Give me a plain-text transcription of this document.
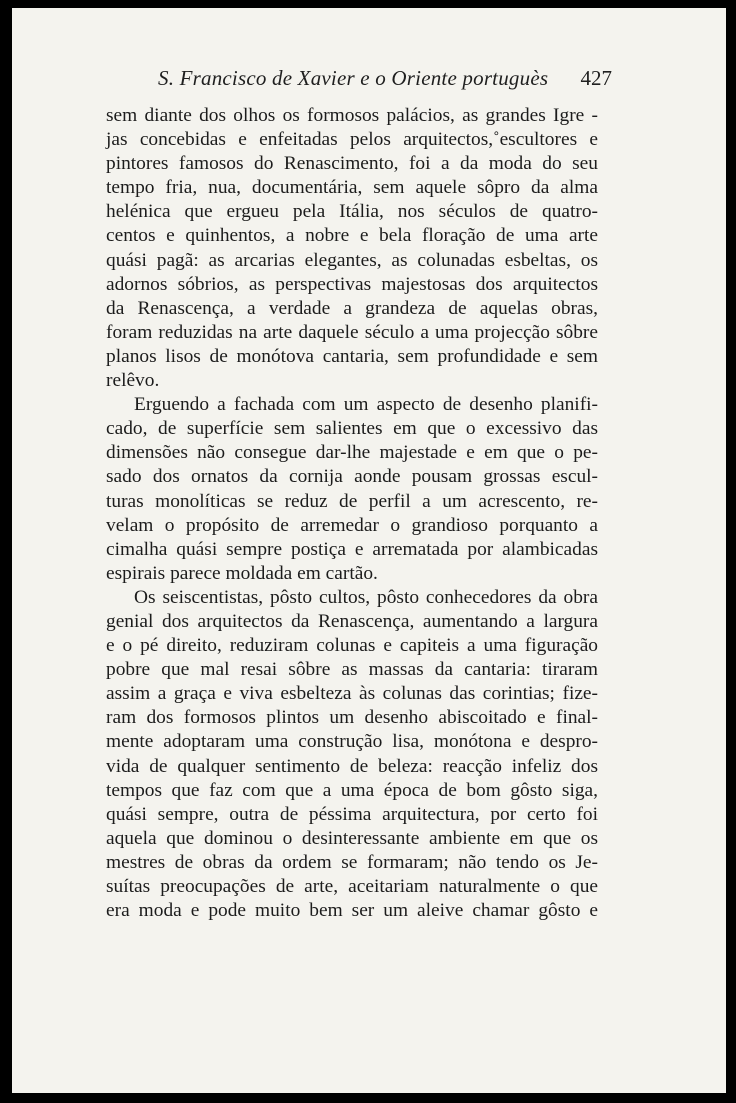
S. Francisco de Xavier e o Oriente portuguès 427
sem diante dos olhos os formosos palácios, as grandes Igre -
jas concebidas e enfeitadas pelos arquitectos,˚escultores e
pintores famosos do Renascimento, foi a da moda do seu
tempo fria, nua, documentária, sem aquele sôpro da alma
helénica que ergueu pela Itália, nos séculos de quatro-
centos e quinhentos, a nobre e bela floração de uma arte
quási pagã: as arcarias elegantes, as colunadas esbeltas, os
adornos sóbrios, as perspectivas majestosas dos arquitectos
da Renascença, a verdade a grandeza de aquelas obras,
foram reduzidas na arte daquele século a uma projecção sôbre
planos lisos de monótova cantaria, sem profundidade e sem
relêvo.
Erguendo a fachada com um aspecto de desenho planifi-
cado, de superfície sem salientes em que o excessivo das
dimensões não consegue dar-lhe majestade e em que o pe-
sado dos ornatos da cornija aonde pousam grossas escul-
turas monolíticas se reduz de perfil a um acrescento, re-
velam o propósito de arremedar o grandioso porquanto a
cimalha quási sempre postiça e arrematada por alambicadas
espirais parece moldada em cartão.
Os seiscentistas, pôsto cultos, pôsto conhecedores da obra
genial dos arquitectos da Renascença, aumentando a largura
e o pé direito, reduziram colunas e capiteis a uma figuração
pobre que mal resai sôbre as massas da cantaria: tiraram
assim a graça e viva esbelteza às colunas das corintias; fize-
ram dos formosos plintos um desenho abiscoitado e final-
mente adoptaram uma construção lisa, monótona e despro-
vida de qualquer sentimento de beleza: reacção infeliz dos
tempos que faz com que a uma época de bom gôsto siga,
quási sempre, outra de péssima arquitectura, por certo foi
aquela que dominou o desinteressante ambiente em que os
mestres de obras da ordem se formaram; não tendo os Je-
suítas preocupações de arte, aceitariam naturalmente o que
era moda e pode muito bem ser um aleive chamar gôsto e
